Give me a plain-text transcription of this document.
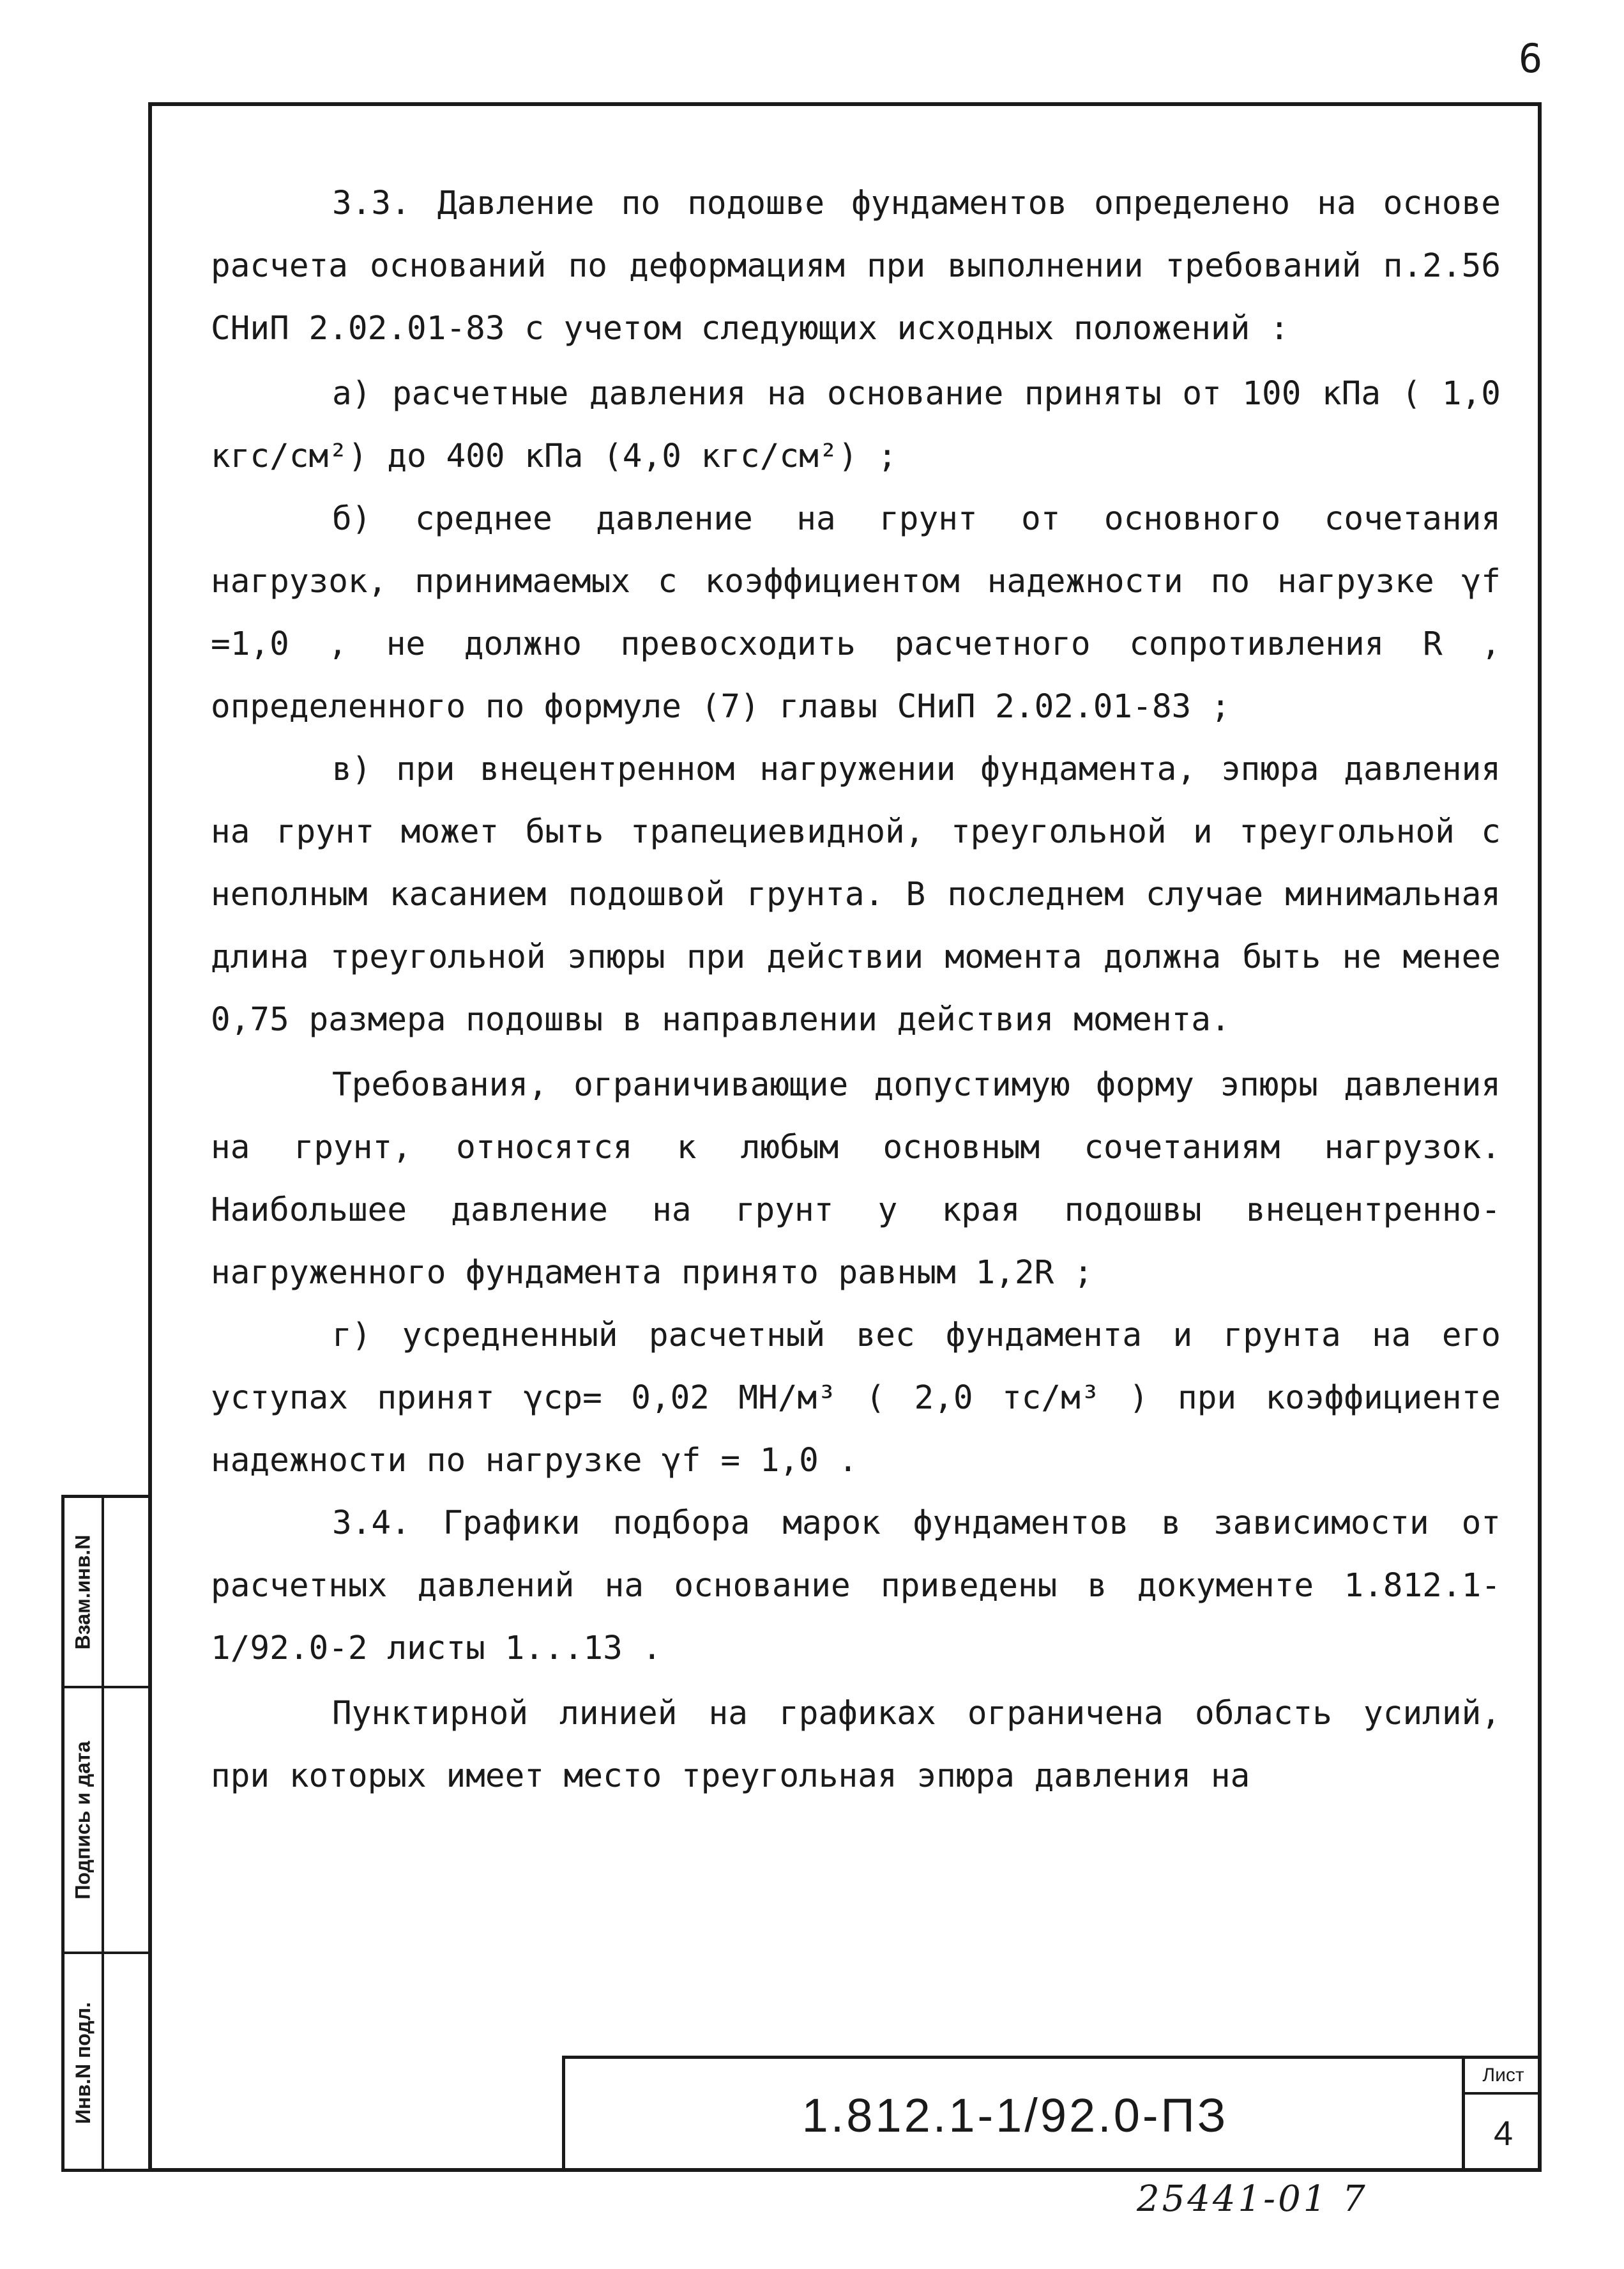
6

3.3. Давление по подошве фундаментов определено на основе расчета оснований по деформациям при выполнении требований п.2.56 СНиП 2.02.01-83 с учетом следующих исходных положений :

а) расчетные давления на основание приняты от 100 кПа ( 1,0 кгс/см²) до 400 кПа (4,0 кгс/см²) ;

б) среднее давление на грунт от основного сочетания нагрузок, принимаемых с коэффициентом надежности по нагрузке γf =1,0 , не должно превосходить расчетного сопротивления R , определенного по формуле (7) главы СНиП 2.02.01-83 ;

в) при внецентренном нагружении фундамента, эпюра давления на грунт может быть трапециевидной, треугольной и треугольной с неполным касанием подошвой грунта. В последнем случае минимальная длина треугольной эпюры при действии момента должна быть не менее 0,75 размера подошвы в направлении действия момента.

Требования, ограничивающие допустимую форму эпюры давления на грунт, относятся к любым основным сочетаниям нагрузок. Наибольшее давление на грунт у края подошвы внецентренно-нагруженного фундамента принято равным 1,2R ;

г) усредненный расчетный вес фундамента и грунта на его уступах принят γср= 0,02 МН/м³ ( 2,0 тс/м³ ) при коэффициенте надежности по нагрузке γf = 1,0 .

3.4. Графики подбора марок фундаментов в зависимости от расчетных давлений на основание приведены в документе 1.812.1-1/92.0-2 листы 1...13 .

Пунктирной линией на графиках ограничена область усилий, при которых имеет место треугольная эпюра давления на

Взам.инв.N
Подпись и дата
Инв.N подл.	1.812.1-1/92.0-ПЗ
Лист
4
25441-01 7
